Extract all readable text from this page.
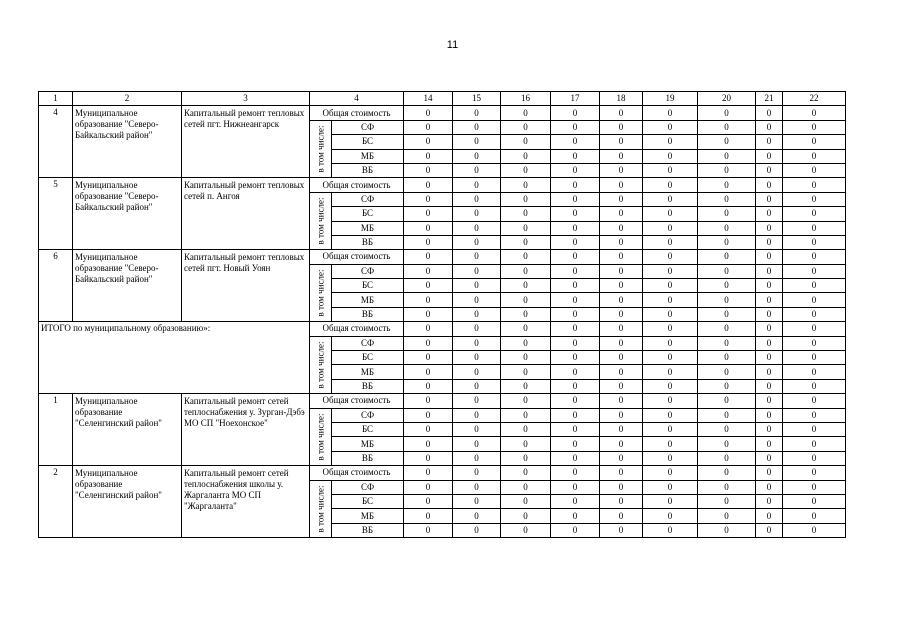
11
1	2	3	4		14	15	16	17	18	19	20	21	22
4	Муниципальное образование "Северо-Байкальский район"	Капитальный ремонт тепловых сетей пгт. Нижнеангарск	Общая стоимость		0	0	0	0	0	0	0	0	0

			в том числе:	СФ	0	0	0	0	0	0	0	0	0
				БС	0	0	0	0	0	0	0	0	0
				МБ	0	0	0	0	0	0	0	0	0
				ВБ	0	0	0	0	0	0	0	0	0
5	Муниципальное образование "Северо-Байкальский район"	Капитальный ремонт тепловых сетей п. Ангоя	Общая стоимость		0	0	0	0	0	0	0	0	0

			в том числе:	СФ	0	0	0	0	0	0	0	0	0
				БС	0	0	0	0	0	0	0	0	0
				МБ	0	0	0	0	0	0	0	0	0
				ВБ	0	0	0	0	0	0	0	0	0
6	Муниципальное образование "Северо-Байкальский район"	Капитальный ремонт тепловых сетей пгт. Новый Уоян	Общая стоимость		0	0	0	0	0	0	0	0	0

			в том числе:	СФ	0	0	0	0	0	0	0	0	0
				БС	0	0	0	0	0	0	0	0	0
				МБ	0	0	0	0	0	0	0	0	0
				ВБ	0	0	0	0	0	0	0	0	0
ИТОГО по муниципальному образованию»:			Общая стоимость		0	0	0	0	0	0	0	0	0

			в том числе:	СФ	0	0	0	0	0	0	0	0	0
				БС	0	0	0	0	0	0	0	0	0
				МБ	0	0	0	0	0	0	0	0	0
				ВБ	0	0	0	0	0	0	0	0	0
1	Муниципальное образование "Селенгинский район"	Капитальный ремонт сетей теплоснабжения у. Зурган-Дэбэ МО СП "Ноехонское"	Общая стоимость		0	0	0	0	0	0	0	0	0

			в том числе:	СФ	0	0	0	0	0	0	0	0	0
				БС	0	0	0	0	0	0	0	0	0
				МБ	0	0	0	0	0	0	0	0	0
				ВБ	0	0	0	0	0	0	0	0	0
2	Муниципальное образование "Селенгинский район"	Капитальный ремонт сетей теплоснабжения школы у. Жаргаланта МО СП "Жаргаланта"	Общая стоимость		0	0	0	0	0	0	0	0	0

			в том числе:	СФ	0	0	0	0	0	0	0	0	0
				БС	0	0	0	0	0	0	0	0	0
				МБ	0	0	0	0	0	0	0	0	0
				ВБ	0	0	0	0	0	0	0	0	0
